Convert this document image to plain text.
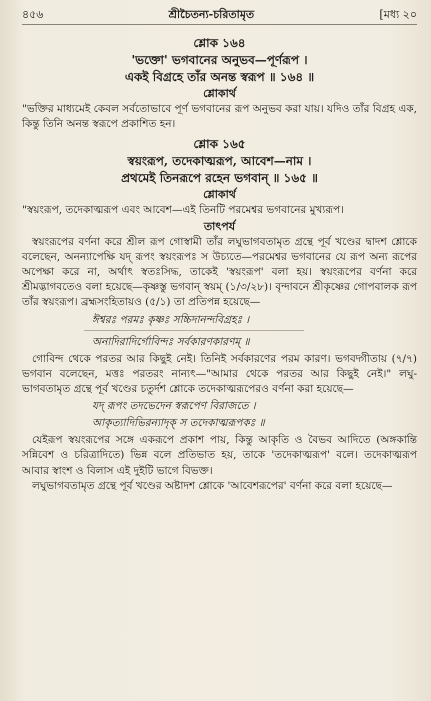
৪৫৬	শ্রীচৈতন্য-চরিতামৃত	[মধ্য ২০
শ্লোক ১৬৪
'ভক্তো' ভগবানের অনুভব—পূর্ণরূপ ।
একই বিগ্রহে তাঁর অনন্ত স্বরূপ ॥ ১৬৪ ॥
শ্লোকার্থ

"ভক্তির মাধ্যমেই কেবল সর্বতোভাবে পূর্ণ ভগবানের রূপ অনুভব করা যায়। যদিও তাঁর বিগ্রহ এক, কিন্তু তিনি অনন্ত স্বরূপে প্রকাশিত হন।

শ্লোক ১৬৫
স্বয়ংরূপ, তদেকাত্মরূপ, আবেশ—নাম ।
প্রথমেই তিনরূপে রহেন ভগবান্ ॥ ১৬৫ ॥
শ্লোকার্থ

"স্বয়ংরূপ, তদেকাত্মরূপ এবং আবেশ—এই তিনটি পরমেশ্বর ভগবানের মুখ্যরূপ।

তাৎপর্য

স্বয়ংরূপের বর্ণনা করে শ্রীল রূপ গোস্বামী তাঁর লঘুভাগবতামৃত গ্রন্থে পূর্ব খণ্ডের দ্বাদশ শ্লোকে বলেছেন, অনন্যাপেক্ষি যদ্ রূপং স্বয়ংরূপঃ স উচ্যতে—পরমেশ্বর ভগবানের যে রূপ অন্য রূপের অপেক্ষা করে না, অর্থাৎ স্বতঃসিদ্ধ, তাকেই 'স্বয়ংরূপ' বলা হয়। স্বয়ংরূপের বর্ণনা করে শ্রীমদ্ভাগবতেও বলা হয়েছে—কৃষ্ণস্তু ভগবান্ স্বয়ম্ (১/৩/২৮)। বৃন্দাবনে শ্রীকৃষ্ণের গোপবালক রূপ তাঁর স্বয়ংরূপ। ব্রহ্মসংহিতায়ও (৫/১) তা প্রতিপন্ন হয়েছে—

ঈশ্বরঃ পরমঃ কৃষ্ণঃ সচ্চিদানন্দবিগ্রহঃ ।
অনাদিরাদির্গোবিন্দঃ সর্বকারণকারণম্ ॥

গোবিন্দ থেকে পরতর আর কিছুই নেই। তিনিই সর্বকারণের পরম কারণ। ভগবদ্গীতায় (৭/৭) ভগবান বলেছেন, মত্তঃ পরতরং নান্যৎ—"আমার থেকে পরতর আর কিছুই নেই।" লঘু-ভাগবতামৃত গ্রন্থে পূর্ব খণ্ডের চতুর্দশ শ্লোকে তদেকাত্মরূপেরও বর্ণনা করা হয়েছে—

যদ্ রূপং তদভেদেন স্বরূপেণ বিরাজতে ।
আকৃত্যাদিভিরন্যাদৃক্ স তদেকাত্মরূপকঃ ॥

যেইরূপ স্বয়ংরূপের সঙ্গে একরূপে প্রকাশ পায়, কিন্তু আকৃতি ও বৈভব আদিতে (অঙ্গকান্তি সন্নিবেশ ও চরিত্রাদিতে) ভিন্ন বলে প্রতিভাত হয়, তাকে 'তদেকাত্মরূপ' বলে। তদেকাত্মরূপ আবার স্বাংশ ও বিলাস এই দুইটি ভাগে বিভক্ত।

লঘুভাগবতামৃত গ্রন্থে পূর্ব খণ্ডের অষ্টাদশ শ্লোকে 'আবেশরূপের' বর্ণনা করে বলা হয়েছে—
